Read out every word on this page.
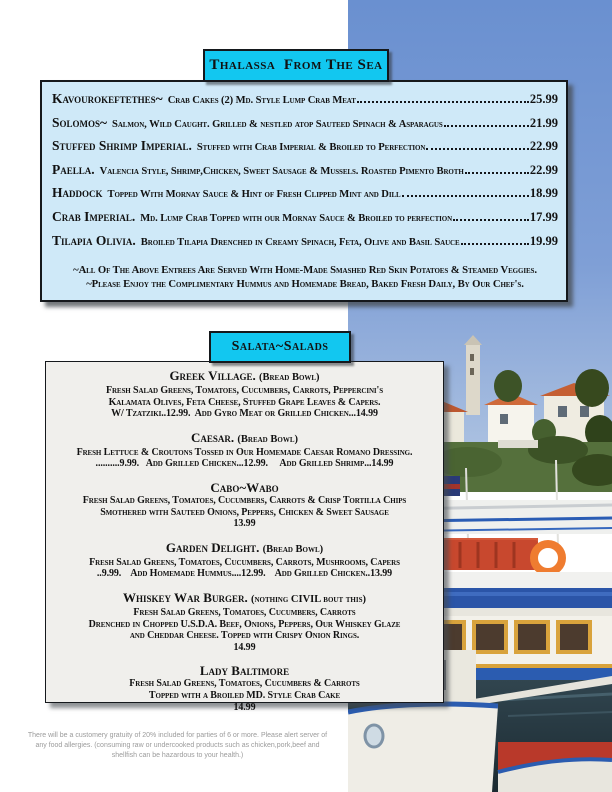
Thalassa  From The Sea
Kavourokeftethes~ Crab Cakes (2) Md. Style Lump Crab Meat	25.99
Solomos~ Salmon, Wild Caught. Grilled & nestled atop Sauteed Spinach & Asparagus	21.99
Stuffed Shrimp Imperial. Stuffed with Crab Imperial & Broiled to Perfection	22.99
Paella. Valencia Style, Shrimp,Chicken, Sweet Sausage & Mussels. Roasted Pimento Broth	22.99
Haddock Topped With Mornay Sauce & Hint of Fresh Clipped Mint and Dill	18.99
Crab Imperial. Md. Lump Crab Topped with our Mornay Sauce & Broiled to perfection	17.99
Tilapia Olivia. Broiled Tilapia Drenched in Creamy Spinach, Feta, Olive and Basil Sauce	19.99
~All Of The Above Entrees Are Served With Home-Made Smashed Red Skin Potatoes & Steamed Veggies.
~Please Enjoy the Complimentary Hummus and Homemade Bread, Baked Fresh Daily, By Our Chef's.
Salata~Salads
Greek Village. (Bread Bowl)
Fresh Salad Greens, Tomatoes, Cucumbers, Carrots, Peppercini's
Kalamata Olives, Feta Cheese, Stuffed Grape Leaves & Capers.
W/ Tzatziki..12.99.  Add Gyro Meat or Grilled Chicken...14.99
Caesar. (Bread Bowl)
Fresh Lettuce & Croutons Tossed in Our Homemade Caesar Romano Dressing.
..........9.99.   Add Grilled Chicken...12.99.     Add Grilled Shrimp...14.99
Cabo~Wabo
Fresh Salad Greens, Tomatoes, Cucumbers, Carrots & Crisp Tortilla Chips
Smothered with Sauteed Onions, Peppers, Chicken & Sweet Sausage
13.99
Garden Delight. (Bread Bowl)
Fresh Salad Greens, Tomatoes, Cucumbers, Carrots, Mushrooms, Capers
..9.99.    Add Homemade Hummus....12.99.    Add Grilled Chicken..13.99
Whiskey War Burger. (nothing CIVIL bout this)
Fresh Salad Greens, Tomatoes, Cucumbers, Carrots
Drenched in Chopped U.S.D.A. Beef, Onions, Peppers, Our Whiskey Glaze
and Cheddar Cheese. Topped with Crispy Onion Rings.
14.99
Lady Baltimore
Fresh Salad Greens, Tomatoes, Cucumbers & Carrots
Topped with a Broiled MD. Style Crab Cake
14.99
There will be a customery gratuity of 20% included for parties of 6 or more. Please alert server of
any food allergies. (consuming raw or undercooked products such as chicken,pork,beef and
shellfish can be hazardous to your health.)
